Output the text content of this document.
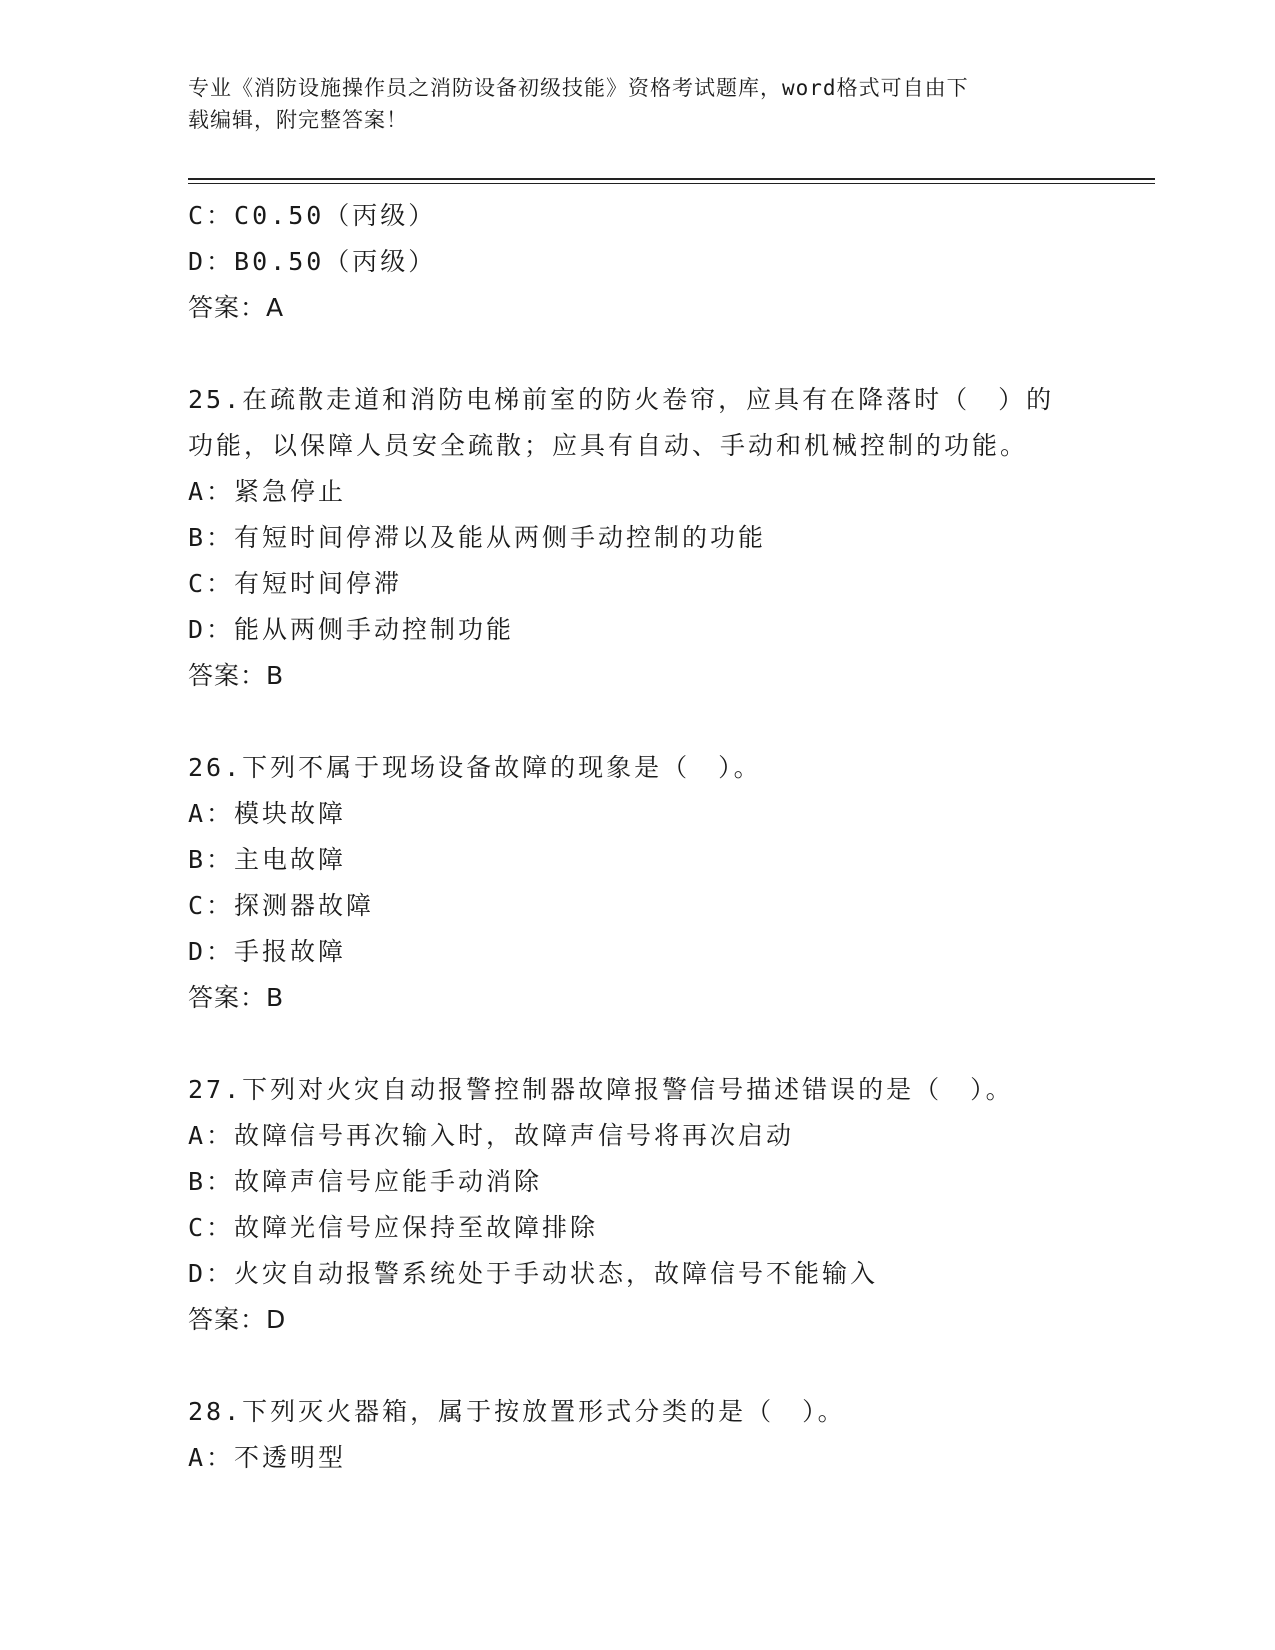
专业《消防设施操作员之消防设备初级技能》资格考试题库，word格式可自由下
载编辑，附完整答案！
C：C0.50（丙级）
D：B0.50（丙级）
答案：A
25.在疏散走道和消防电梯前室的防火卷帘，应具有在降落时（　）的
功能，以保障人员安全疏散；应具有自动、手动和机械控制的功能。
A：紧急停止
B：有短时间停滞以及能从两侧手动控制的功能
C：有短时间停滞
D：能从两侧手动控制功能
答案：B
26.下列不属于现场设备故障的现象是（　）。
A：模块故障
B：主电故障
C：探测器故障
D：手报故障
答案：B
27.下列对火灾自动报警控制器故障报警信号描述错误的是（　）。
A：故障信号再次输入时，故障声信号将再次启动
B：故障声信号应能手动消除
C：故障光信号应保持至故障排除
D：火灾自动报警系统处于手动状态，故障信号不能输入
答案：D
28.下列灭火器箱，属于按放置形式分类的是（　）。
A：不透明型
